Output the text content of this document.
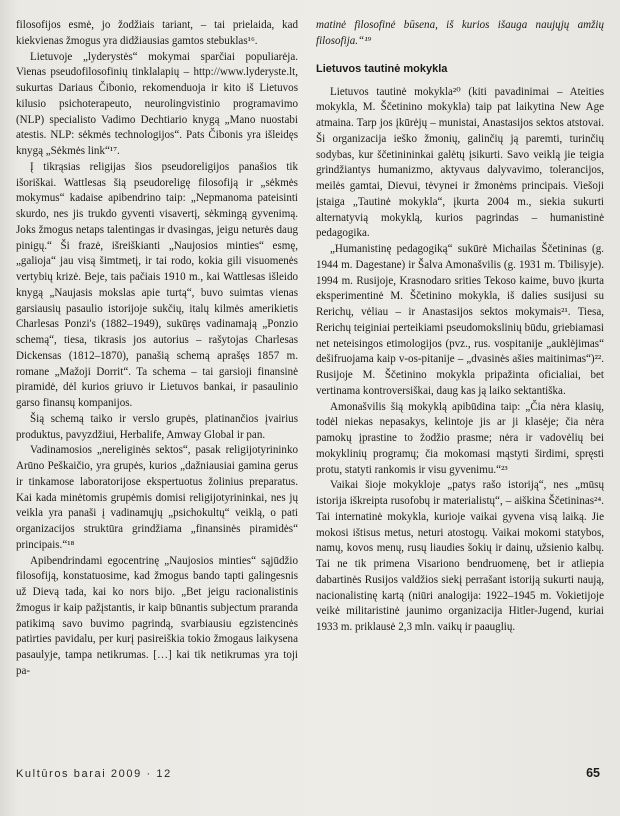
filosofijos esmė, jo žodžiais tariant, – tai prielaida, kad kiekvienas žmogus yra didžiausias gamtos stebuklas¹⁶.

Lietuvoje „lyderystės“ mokymai sparčiai populiarėja. Vienas pseudofilosofinių tinklalapių – http://www.lyderyste.lt, sukurtas Dariaus Čibonio, rekomenduoja ir kito iš Lietuvos kilusio psichoterapeuto, neurolingvistinio programavimo (NLP) specialisto Vadimo Dechtiario knygą „Mano nuostabi atestis. NLP: sėkmės technologijos“. Pats Čibonis yra išleidęs knygą „Sėkmės link“¹⁷.

Į tikrąsias religijas šios pseudoreligijos panašios tik išoriškai. Wattlesas šią pseudoreligę filosofiją ir „sėkmės mokymus“ kadaise apibendrino taip: „Nepmanoma pateisinti skurdo, nes jis trukdo gyventi visavertį, sėkmingą gyvenimą. Joks žmogus netaps talentingas ir dvasingas, jeigu neturės daug pinigų.“ Ši frazė, išreiškianti „Naujosios minties“ esmę, „galioja“ jau visą šimtmetį, ir tai rodo, kokia gili visuomenės vertybių krizė. Beje, tais pačiais 1910 m., kai Wattlesas išleido knygą „Naujasis mokslas apie turtą“, buvo suimtas vienas garsiausių pasaulio istorijoje sukčių, italų kilmės amerikietis Charlesas Ponzi's (1882–1949), sukūręs vadinamają „Ponzio schemą“, tiesa, tikrasis jos autorius – rašytojas Charlesas Dickensas (1812–1870), panašią schemą aprašęs 1857 m. romane „Mažoji Dorrit“. Ta schema – tai garsioji finansinė piramidė, dėl kurios griuvo ir Lietuvos bankai, ir pasaulinio garso finansų kompanijos.

Šią schemą taiko ir verslo grupės, platinančios įvairius produktus, pavyzdžiui, Herbalife, Amway Global ir pan.

Vadinamosios „nereliginės sektos“, pasak religijotyrininko Arūno Peškaičio, yra grupės, kurios „dažniausiai gamina gerus ir tinkamose laboratorijose ekspertuotus žolinius preparatus. Kai kada minėtomis grupėmis domisi religijotyrininkai, nes jų veikla yra panaši į vadinamųjų „psichokultų“ veiklą, o pati organizacijos struktūra grindžiama „finansinės piramidės“ principais.“¹⁸

Apibendrindami egocentrinę „Naujosios minties“ sąjūdžio filosofiją, konstatuosime, kad žmogus bando tapti galingesnis už Dievą tada, kai ko nors bijo. „Bet jeigu racionalistinis žmogus ir kaip pažįstantis, ir kaip būnantis subjectum praranda patikimą savo buvimo pagrindą, svarbiausiu egzistencinės patirties pavidalu, per kurį pasireiškia tokio žmogaus laikysena pasaulyje, tampa netikrumas. […] kai tik netikrumas yra toji pa-

matinė filosofinė būsena, iš kurios išauga naujųjų amžių filosofija.“¹⁹

Lietuvos tautinė mokykla

Lietuvos tautinė mokykla²⁰ (kiti pavadinimai – Ateities mokykla, M. Ščetinino mokykla) taip pat laikytina New Age atmaina. Tarp jos įkūrėjų – munistai, Anastasijos sektos atstovai. Ši organizacija ieško žmonių, galinčių ją paremti, turinčių sodybas, kur ščetinininkai galėtų įsikurti. Savo veiklą jie teigia grindžiantys humanizmo, aktyvaus dalyvavimo, tolerancijos, meilės gamtai, Dievui, tėvynei ir žmonėms principais. Viešoji įstaiga „Tautinė mokykla“, įkurta 2004 m., siekia sukurti alternatyvią mokyklą, kurios pagrindas – humanistinė pedagogika.

„Humanistinę pedagogiką“ sukūrė Michailas Ščetininas (g. 1944 m. Dagestane) ir Šalva Amonašvilis (g. 1931 m. Tbilisyje). 1994 m. Rusijoje, Krasnodaro srities Tekoso kaime, buvo įkurta eksperimentinė M. Ščetinino mokykla, iš dalies susijusi su Rerichų, vėliau – ir Anastasijos sektos mokymais²¹. Tiesa, Rerichų teiginiai perteikiami pseudomokslinių būdu, griebiamasi net neteisingos etimologijos (pvz., rus. vospitanije „auklėjimas“ dešifruojama kaip v-os-pitanije – „dvasinės ašies maitinimas“)²². Rusijoje M. Ščetinino mokykla pripažinta oficialiai, bet vertinama kontroversiškai, daug kas ją laiko sektantiška.

Amonašvilis šią mokyklą apibūdina taip: „Čia nėra klasių, todėl niekas nepasakys, kelintoje jis ar ji klasėje; čia nėra pamokų įprastine to žodžio prasme; nėra ir vadovėlių bei mokyklinių programų; čia mokomasi mąstyti širdimi, spręsti protu, statyti rankomis ir visu gyvenimu.“²³

Vaikai šioje mokykloje „patys rašo istoriją“, nes „mūsų istorija iškreipta rusofobų ir materialistų“, – aiškina Ščetininas²⁴. Tai internatinė mokykla, kurioje vaikai gyvena visą laiką. Jie mokosi ištisus metus, neturi atostogų. Vaikai mokomi statybos, namų, kovos menų, rusų liaudies šokių ir dainų, užsienio kalbų. Tai ne tik primena Visariono bendruomenę, bet ir atliepia dabartinės Rusijos valdžios siekį perrašant istoriją sukurti naują, nacionalistinę kartą (niūri analogija: 1922–1945 m. Vokietijoje veikė militaristinė jaunimo organizacija Hitler-Jugend, kuriai 1933 m. priklausė 2,3 mln. vaikų ir paauglių.

Kultūros barai 2009 · 12	65
